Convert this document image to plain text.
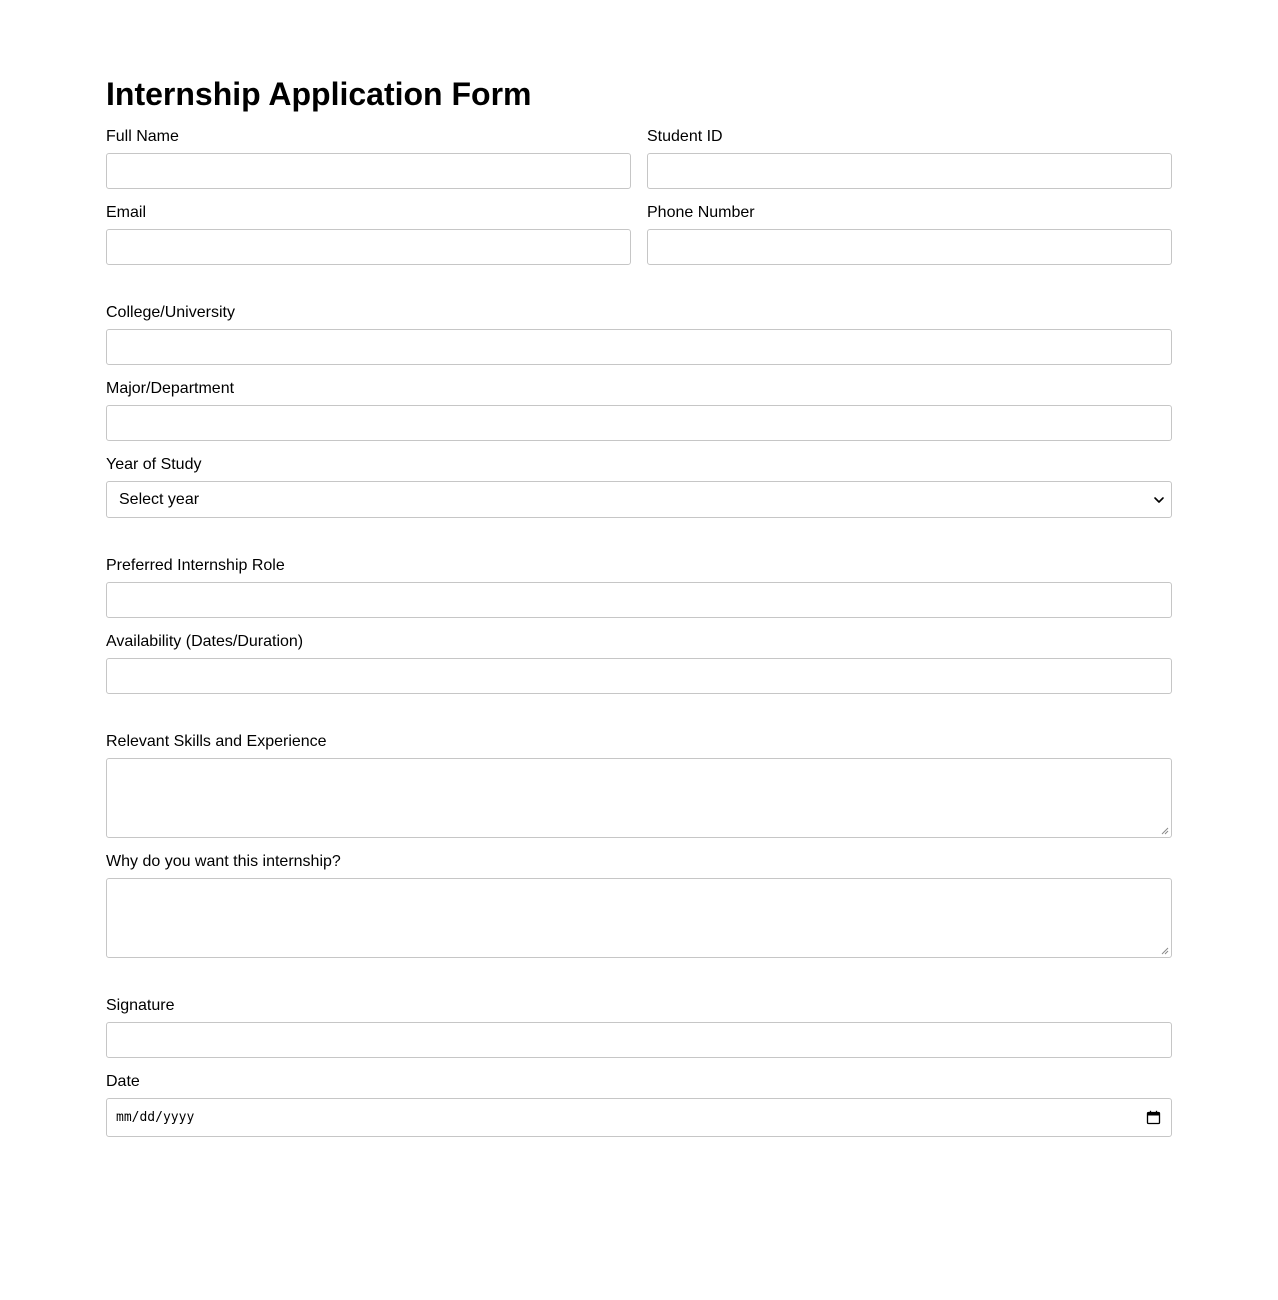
Internship Application Form
Full Name	Student ID
Email	Phone Number
College/University
Major/Department
Year of Study
Select year
Preferred Internship Role
Availability (Dates/Duration)
Relevant Skills and Experience
Why do you want this internship?
Signature
Date
mm/dd/yyyy
